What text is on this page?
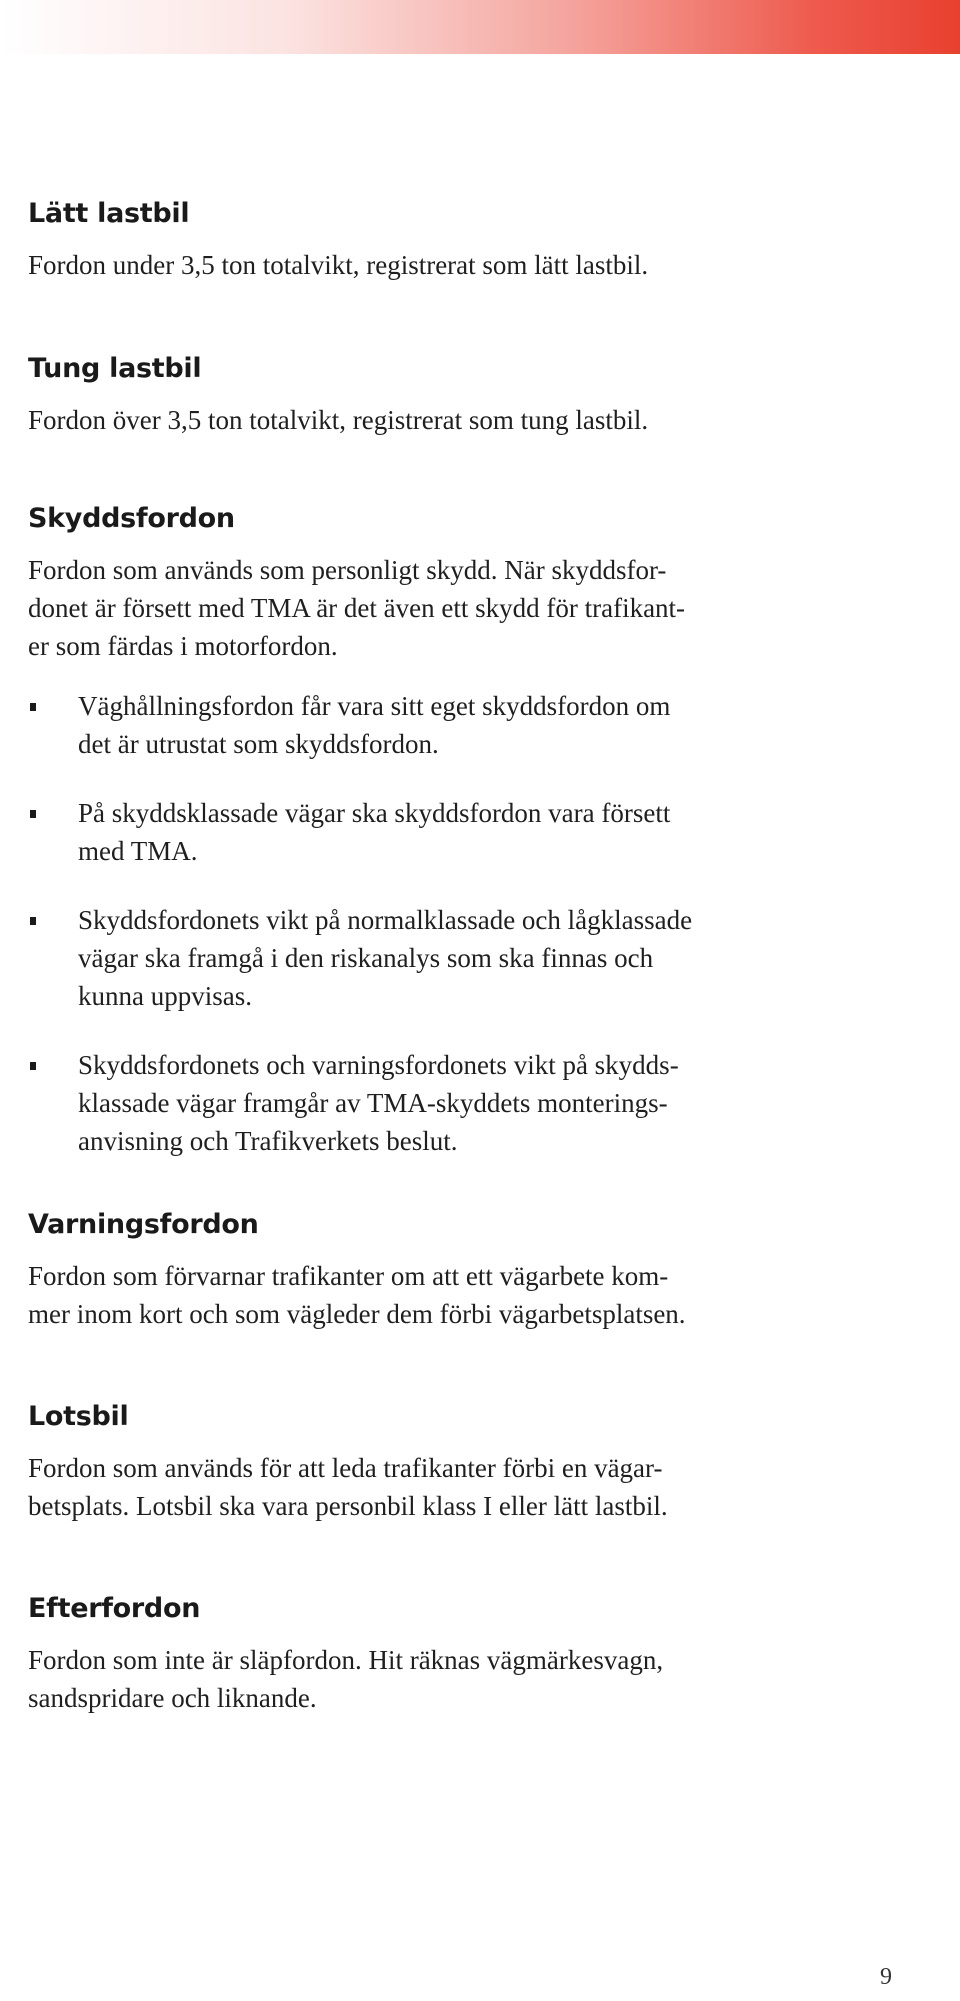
Lätt lastbil

Fordon under 3,5 ton totalvikt, registrerat som lätt lastbil.

Tung lastbil

Fordon över 3,5 ton totalvikt, registrerat som tung lastbil.

Skyddsfordon

Fordon som används som personligt skydd. När skyddsfor-
donet är försett med TMA är det även ett skydd för trafikant-
er som färdas i motorfordon.

Väghållningsfordon får vara sitt eget skyddsfordon om
det är utrustat som skyddsfordon.
På skyddsklassade vägar ska skyddsfordon vara försett
med TMA.
Skyddsfordonets vikt på normalklassade och lågklassade
vägar ska framgå i den riskanalys som ska finnas och
kunna uppvisas.
Skyddsfordonets och varningsfordonets vikt på skydds-
klassade vägar framgår av TMA-skyddets monterings-
anvisning och Trafikverkets beslut.
Varningsfordon

Fordon som förvarnar trafikanter om att ett vägarbete kom-
mer inom kort och som vägleder dem förbi vägarbetsplatsen.

Lotsbil

Fordon som används för att leda trafikanter förbi en vägar-
betsplats. Lotsbil ska vara personbil klass I eller lätt lastbil.

Efterfordon

Fordon som inte är släpfordon. Hit räknas vägmärkesvagn,
sandspridare och liknande.

9
